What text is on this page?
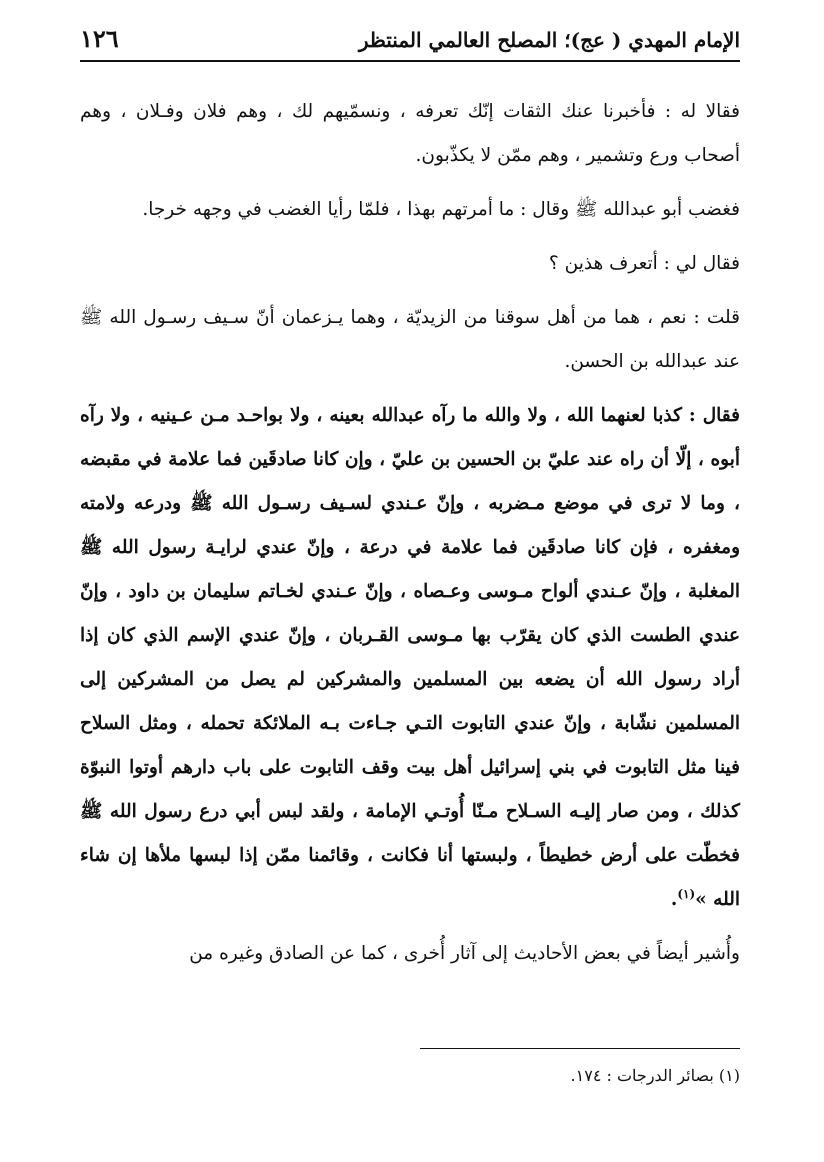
الإمام المهدي ( عج)؛ المصلح العالمي المنتظر
١٢٦

فقالا له : فأخبرنا عنك الثقات إنّك تعرفه ، ونسمّيهم لك ، وهم فلان وفـلان ، وهم أصحاب ورع وتشمير ، وهم ممّن لا يكذّبون.

فغضب أبو عبدالله ﷺ وقال : ما أمرتهم بهذا ، فلمّا رأيا الغضب في وجهه خرجا.

فقال لي : أتعرف هذين ؟

قلت : نعم ، هما من أهل سوقنا من الزيديّة ، وهما يـزعمان أنّ سـيف رسـول الله ﷺ عند عبدالله بن الحسن.

فقال : كذبا لعنهما الله ، ولا والله ما رآه عبدالله بعينه ، ولا بواحـد مـن عـينيه ، ولا رآه أبوه ، إلّا أن راه عند عليّ بن الحسين بن عليّ ، وإن كانا صادقَين فما علامة في مقبضه ، وما لا ترى في موضع مـضربه ، وإنّ عـندي لسـيف رسـول الله ﷺ ودرعه ولامته ومغفره ، فإن كانا صادقَين فما علامة في درعة ، وإنّ عندي لرايـة رسول الله ﷺ المغلبة ، وإنّ عـندي ألواح مـوسى وعـصاه ، وإنّ عـندي لخـاتم سليمان بن داود ، وإنّ عندي الطست الذي كان يقرّب بها مـوسى القـربان ، وإنّ عندي الإسم الذي كان إذا أراد رسول الله أن يضعه بين المسلمين والمشركين لم يصل من المشركين إلى المسلمين نشّابة ، وإنّ عندي التابوت التـي جـاءت بـه الملائكة تحمله ، ومثل السلاح فينا مثل التابوت في بني إسرائيل أهل بيت وقف التابوت على باب دارهم أوتوا النبوّة كذلك ، ومن صار إليـه السـلاح مـنّا أُوتـي الإمامة ، ولقد لبس أبي درع رسول الله ﷺ فخطّت على أرض خطيطاً ، ولبستها أنا فكانت ، وقائمنا ممّن إذا لبسها ملأها إن شاء الله »$^{(١)}$.

وأُشير أيضاً في بعض الأحاديث إلى آثار أُخرى ، كما عن الصادق وغيره من

(١) بصائر الدرجات : ١٧٤.
